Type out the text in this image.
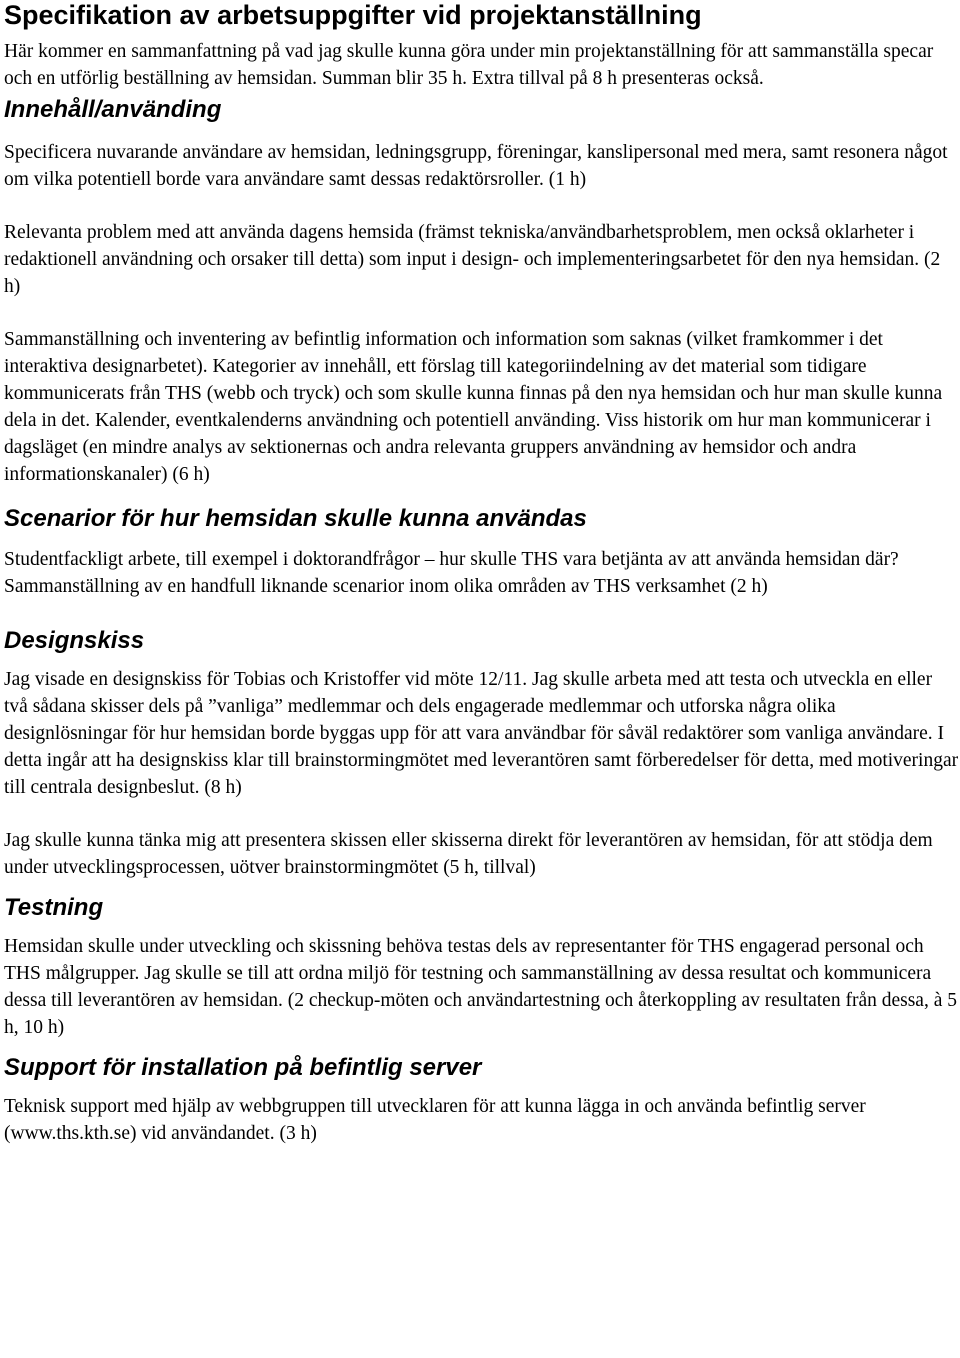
Specifikation av arbetsuppgifter vid projektanställning

Här kommer en sammanfattning på vad jag skulle kunna göra under min projektanställning för att sammanställa specar och en utförlig beställning av hemsidan. Summan blir 35 h. Extra tillval på 8 h presenteras också.

Innehåll/använding

Specificera nuvarande användare av hemsidan, ledningsgrupp, föreningar, kanslipersonal med mera, samt resonera något om vilka potentiell borde vara användare samt dessas redaktörsroller. (1 h)

Relevanta problem med att använda dagens hemsida (främst tekniska/användbarhetsproblem, men också oklarheter i redaktionell användning och orsaker till detta) som input i design- och implementeringsarbetet för den nya hemsidan. (2 h)

Sammanställning och inventering av befintlig information och information som saknas (vilket framkommer i det interaktiva designarbetet). Kategorier av innehåll, ett förslag till kategoriindelning av det material som tidigare kommunicerats från THS (webb och tryck) och som skulle kunna finnas på den nya hemsidan och hur man skulle kunna dela in det. Kalender, eventkalenderns användning och potentiell använding. Viss historik om hur man kommunicerar i dagsläget (en mindre analys av sektionernas och andra relevanta gruppers användning av hemsidor och andra informationskanaler) (6 h)

Scenarior för hur hemsidan skulle kunna användas

Studentfackligt arbete, till exempel i doktorandfrågor – hur skulle THS vara betjänta av att använda hemsidan där? Sammanställning av en handfull liknande scenarior inom olika områden av THS verksamhet (2 h)

Designskiss

Jag visade en designskiss för Tobias och Kristoffer vid möte 12/11. Jag skulle arbeta med att testa och utveckla en eller två sådana skisser dels på ”vanliga” medlemmar och dels engagerade medlemmar och utforska några olika designlösningar för hur hemsidan borde byggas upp för att vara användbar för såväl redaktörer som vanliga användare. I detta ingår att ha designskiss klar till brainstormingmötet med leverantören samt förberedelser för detta, med motiveringar till centrala designbeslut. (8 h)

Jag skulle kunna tänka mig att presentera skissen eller skisserna direkt för leverantören av hemsidan, för att stödja dem under utvecklingsprocessen, uötver brainstormingmötet (5 h, tillval)

Testning

Hemsidan skulle under utveckling och skissning behöva testas dels av representanter för THS engagerad personal och THS målgrupper. Jag skulle se till att ordna miljö för testning och sammanställning av dessa resultat och kommunicera dessa till leverantören av hemsidan. (2 checkup-möten och användartestning och återkoppling av resultaten från dessa, à 5 h, 10 h)

Support för installation på befintlig server

Teknisk support med hjälp av webbgruppen till utvecklaren för att kunna lägga in och använda befintlig server (www.ths.kth.se) vid användandet. (3 h)
